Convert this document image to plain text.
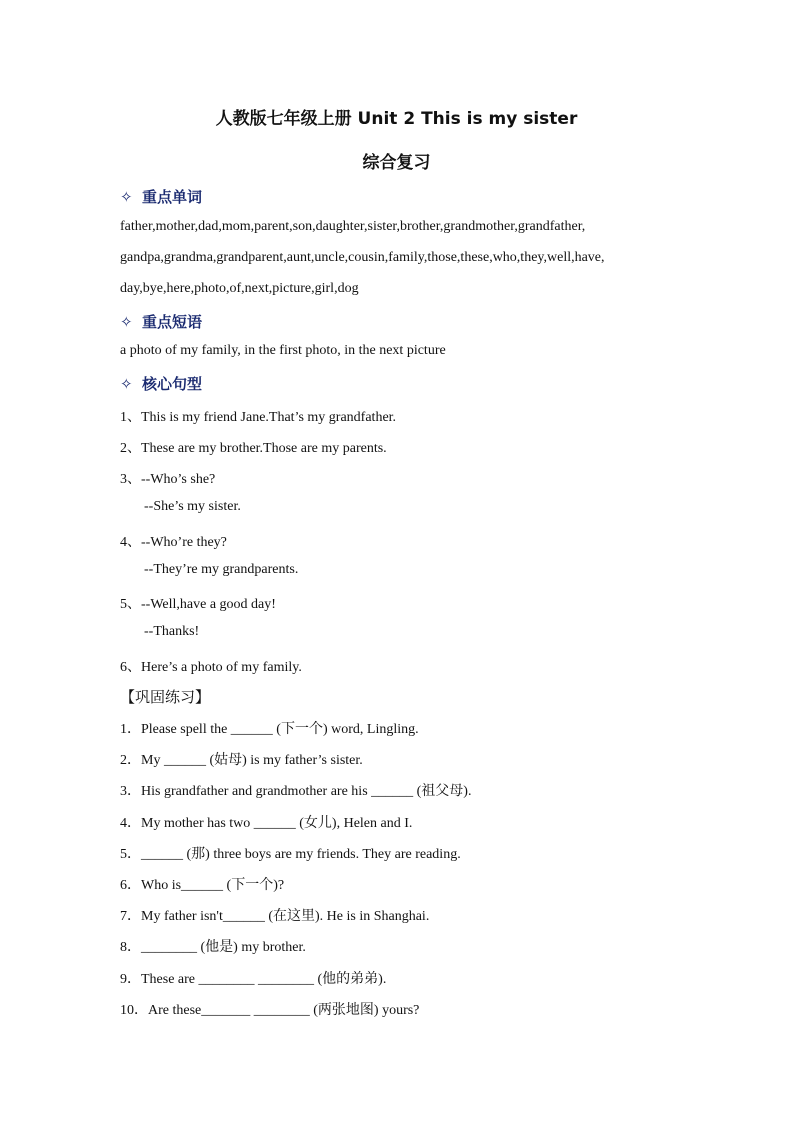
人教版七年级上册 Unit 2 This is my sister
综合复习
✧ 重点单词
father,mother,dad,mom,parent,son,daughter,sister,brother,grandmother,grandfather,
gandpa,grandma,grandparent,aunt,uncle,cousin,family,those,these,who,they,well,have,
day,bye,here,photo,of,next,picture,girl,dog
✧ 重点短语
a photo of my family, in the first photo, in the next picture
✧ 核心句型
1、This is my friend Jane.That’s my grandfather.
2、These are my brother.Those are my parents.
3、--Who’s she?
--She’s my sister.
4、--Who’re they?
--They’re my grandparents.
5、--Well,have a good day!
--Thanks!
6、Here’s a photo of my family.
【巩固练习】
1．Please spell the ______ (下一个) word, Lingling.
2．My ______ (姑母) is my father’s sister.
3．His grandfather and grandmother are his ______ (祖父母).
4．My mother has two ______ (女儿), Helen and I.
5．______ (那) three boys are my friends. They are reading.
6．Who is______ (下一个)?
7．My father isn't______ (在这里). He is in Shanghai.
8．________ (他是) my brother.
9．These are ________ ________ (他的弟弟).
10．Are these_______ ________ (两张地图) yours?
